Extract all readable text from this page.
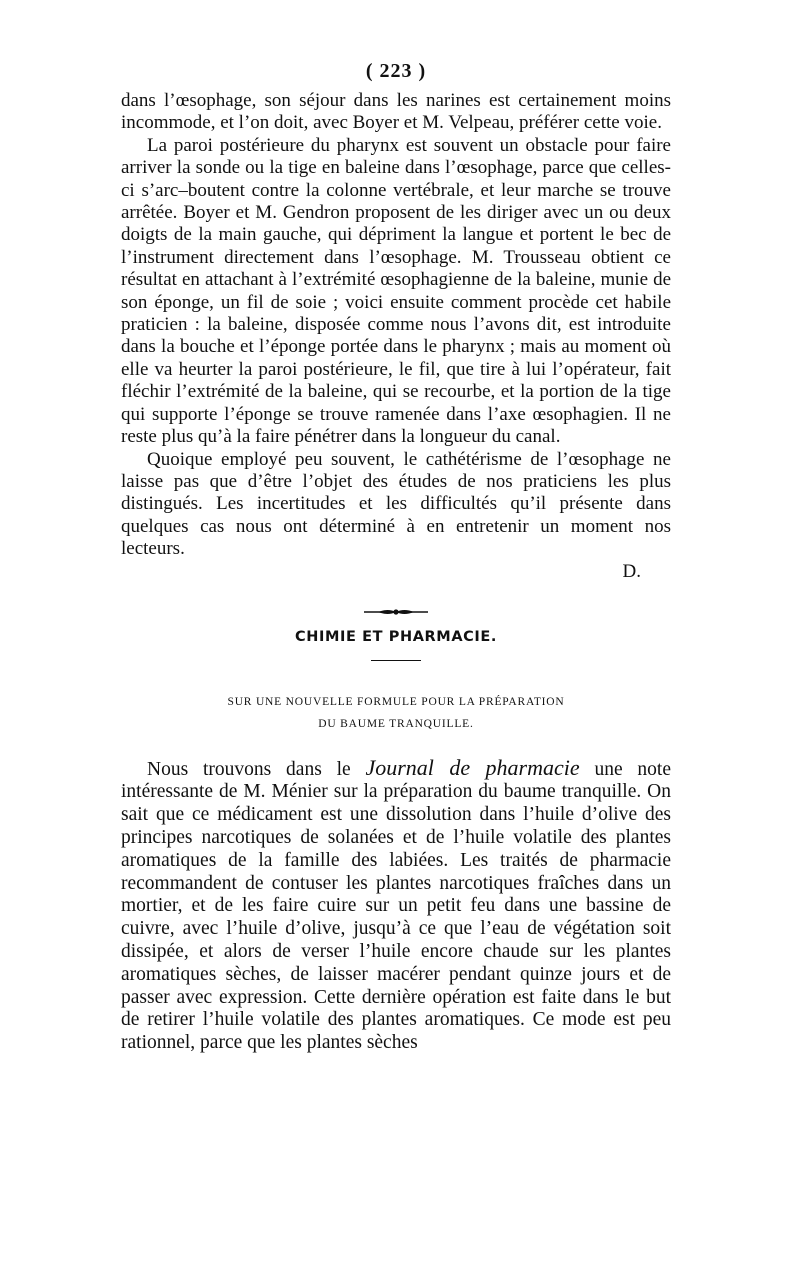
( 223 )

dans l’œsophage, son séjour dans les narines est certainement moins incommode, et l’on doit, avec Boyer et M. Velpeau, préférer cette voie.

La paroi postérieure du pharynx est souvent un obstacle pour faire arriver la sonde ou la tige en baleine dans l’œsophage, parce que celles-ci s’arc–boutent contre la colonne vertébrale, et leur marche se trouve arrêtée. Boyer et M. Gendron proposent de les diriger avec un ou deux doigts de la main gauche, qui dépriment la langue et portent le bec de l’instrument directement dans l’œsophage. M. Trousseau obtient ce résultat en attachant à l’extrémité œsophagienne de la baleine, munie de son éponge, un fil de soie ; voici ensuite comment procède cet habile praticien : la baleine, disposée comme nous l’avons dit, est introduite dans la bouche et l’éponge portée dans le pharynx ; mais au moment où elle va heurter la paroi postérieure, le fil, que tire à lui l’opérateur, fait fléchir l’extrémité de la baleine, qui se recourbe, et la portion de la tige qui supporte l’éponge se trouve ramenée dans l’axe œsophagien. Il ne reste plus qu’à la faire pénétrer dans la longueur du canal.

Quoique employé peu souvent, le cathétérisme de l’œsophage ne laisse pas que d’être l’objet des études de nos praticiens les plus distingués. Les incertitudes et les difficultés qu’il présente dans quelques cas nous ont déterminé à en entretenir un moment nos lecteurs.

D.

CHIMIE ET PHARMACIE.
SUR UNE NOUVELLE FORMULE POUR LA PRÉPARATION
DU BAUME TRANQUILLE.

Nous trouvons dans le Journal de pharmacie une note intéressante de M. Ménier sur la préparation du baume tranquille. On sait que ce médicament est une dissolution dans l’huile d’olive des principes narcotiques de solanées et de l’huile volatile des plantes aromatiques de la famille des labiées. Les traités de pharmacie recommandent de contuser les plantes narcotiques fraîches dans un mortier, et de les faire cuire sur un petit feu dans une bassine de cuivre, avec l’huile d’olive, jusqu’à ce que l’eau de végétation soit dissipée, et alors de verser l’huile encore chaude sur les plantes aromatiques sèches, de laisser macérer pendant quinze jours et de passer avec expression. Cette dernière opération est faite dans le but de retirer l’huile volatile des plantes aromatiques. Ce mode est peu rationnel, parce que les plantes sèches
